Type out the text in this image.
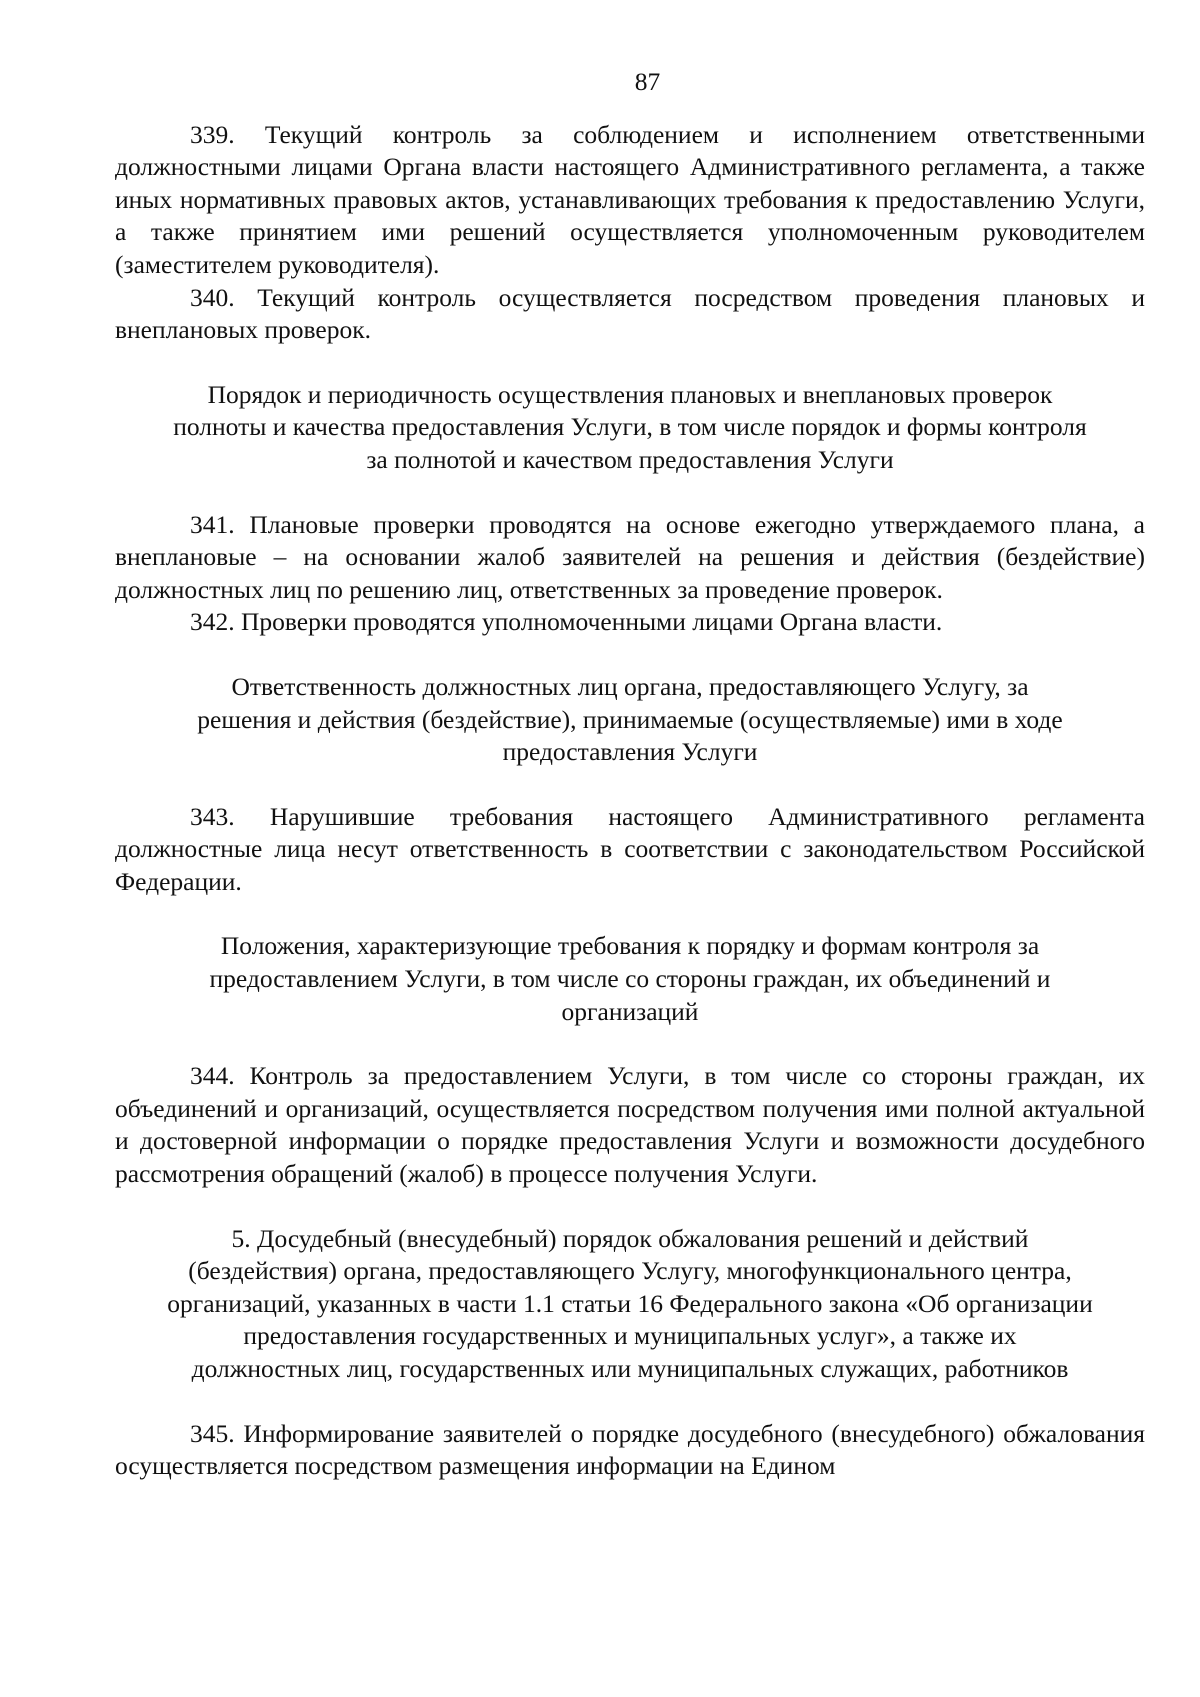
87

339. Текущий контроль за соблюдением и исполнением ответственными должностными лицами Органа власти настоящего Административного регламента, а также иных нормативных правовых актов, устанавливающих требования к предоставлению Услуги, а также принятием ими решений осуществляется уполномоченным руководителем (заместителем руководителя).

340. Текущий контроль осуществляется посредством проведения плановых и внеплановых проверок.

Порядок и периодичность осуществления плановых и внеплановых проверок
полноты и качества предоставления Услуги, в том числе порядок и формы контроля
за полнотой и качеством предоставления Услуги

341. Плановые проверки проводятся на основе ежегодно утверждаемого плана, а внеплановые – на основании жалоб заявителей на решения и действия (бездействие) должностных лиц по решению лиц, ответственных за проведение проверок.

342. Проверки проводятся уполномоченными лицами Органа власти.

Ответственность должностных лиц органа, предоставляющего Услугу, за
решения и действия (бездействие), принимаемые (осуществляемые) ими в ходе
предоставления Услуги

343. Нарушившие требования настоящего Административного регламента должностные лица несут ответственность в соответствии с законодательством Российской Федерации.

Положения, характеризующие требования к порядку и формам контроля за
предоставлением Услуги, в том числе со стороны граждан, их объединений и
организаций

344. Контроль за предоставлением Услуги, в том числе со стороны граждан, их объединений и организаций, осуществляется посредством получения ими полной актуальной и достоверной информации о порядке предоставления Услуги и возможности досудебного рассмотрения обращений (жалоб) в процессе получения Услуги.

5. Досудебный (внесудебный) порядок обжалования решений и действий
(бездействия) органа, предоставляющего Услугу, многофункционального центра,
организаций, указанных в части 1.1 статьи 16 Федерального закона «Об организации
предоставления государственных и муниципальных услуг», а также их
должностных лиц, государственных или муниципальных служащих, работников

345. Информирование заявителей о порядке досудебного (внесудебного) обжалования осуществляется посредством размещения информации на Едином
